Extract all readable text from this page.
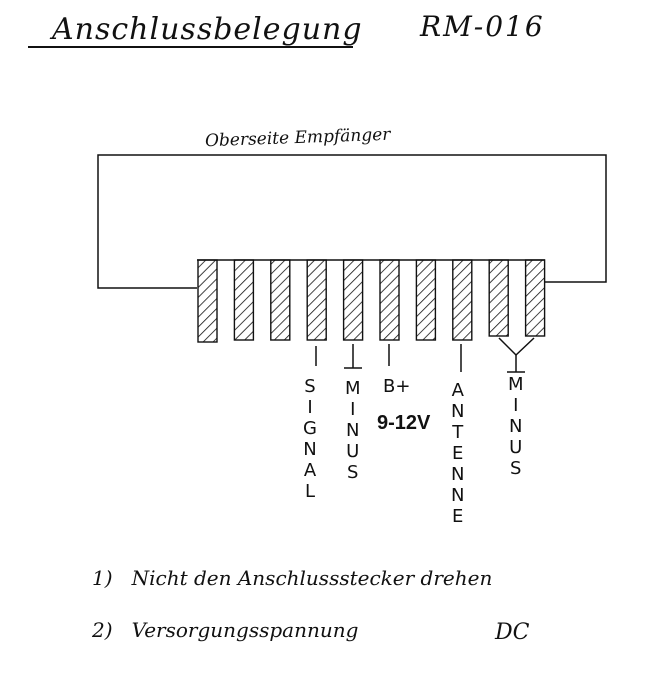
Anschlussbelegung RM-016
Oberseite Empfänger
S
I
G
N
A
L
M
I
N
U
S
B+
9-12V
A
N
T
E
N
N
E
M
I
N
U
S
1) Nicht den Anschlussstecker drehen
2) Versorgungsspannung	DC
